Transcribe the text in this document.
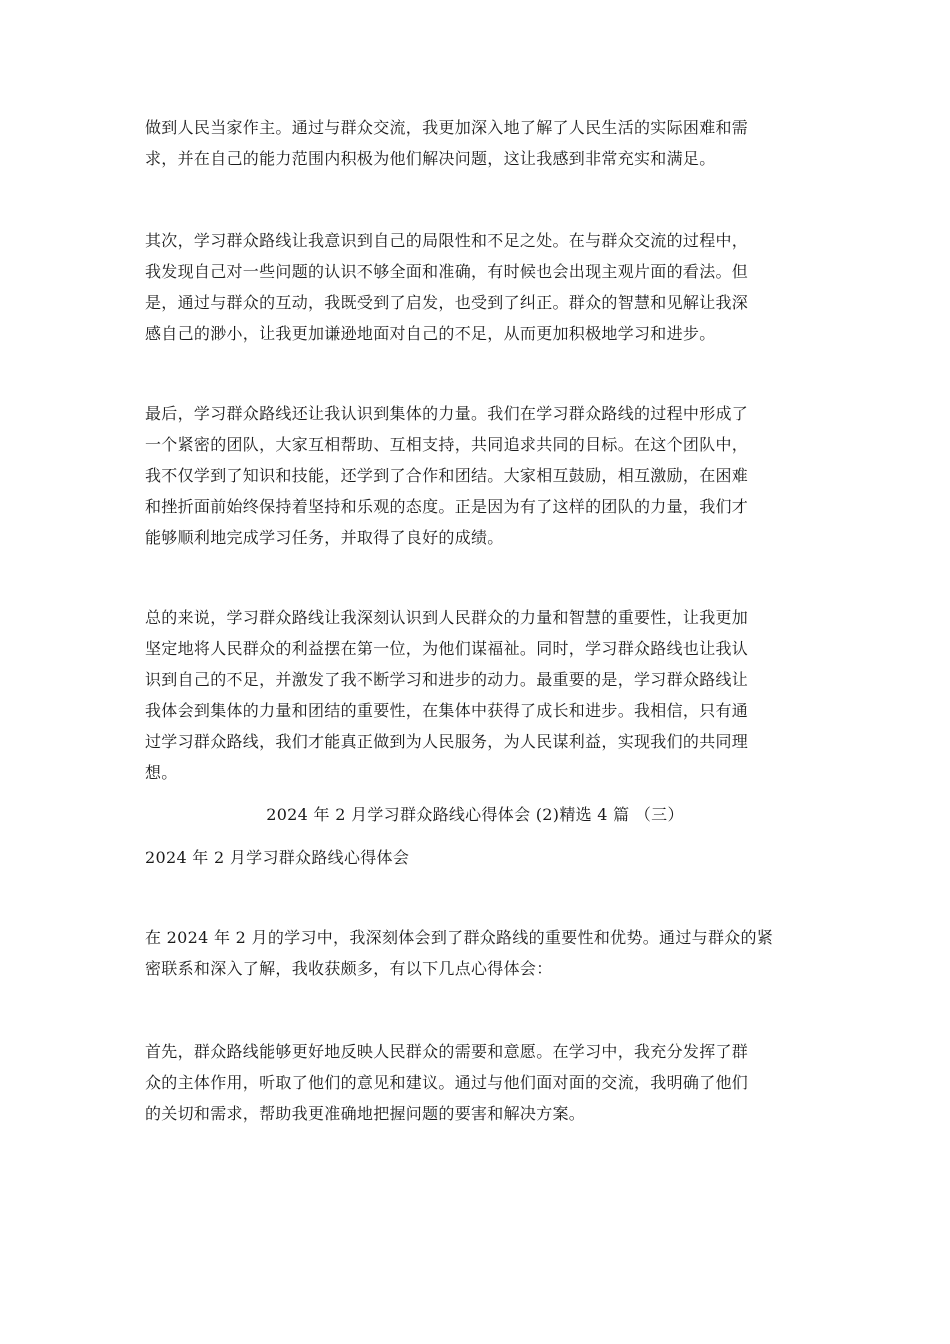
做到人民当家作主。通过与群众交流，我更加深入地了解了人民生活的实际困难和需
求，并在自己的能力范围内积极为他们解决问题，这让我感到非常充实和满足。
其次，学习群众路线让我意识到自己的局限性和不足之处。在与群众交流的过程中，
我发现自己对一些问题的认识不够全面和准确，有时候也会出现主观片面的看法。但
是，通过与群众的互动，我既受到了启发，也受到了纠正。群众的智慧和见解让我深
感自己的渺小，让我更加谦逊地面对自己的不足，从而更加积极地学习和进步。
最后，学习群众路线还让我认识到集体的力量。我们在学习群众路线的过程中形成了
一个紧密的团队，大家互相帮助、互相支持，共同追求共同的目标。在这个团队中，
我不仅学到了知识和技能，还学到了合作和团结。大家相互鼓励，相互激励，在困难
和挫折面前始终保持着坚持和乐观的态度。正是因为有了这样的团队的力量，我们才
能够顺利地完成学习任务，并取得了良好的成绩。
总的来说，学习群众路线让我深刻认识到人民群众的力量和智慧的重要性，让我更加
坚定地将人民群众的利益摆在第一位，为他们谋福祉。同时，学习群众路线也让我认
识到自己的不足，并激发了我不断学习和进步的动力。最重要的是，学习群众路线让
我体会到集体的力量和团结的重要性，在集体中获得了成长和进步。我相信，只有通
过学习群众路线，我们才能真正做到为人民服务，为人民谋利益，实现我们的共同理
想。
2024 年 2 月学习群众路线心得体会 (2)精选 4 篇 （三）
2024 年 2 月学习群众路线心得体会
在 2024 年 2 月的学习中，我深刻体会到了群众路线的重要性和优势。通过与群众的紧
密联系和深入了解，我收获颇多，有以下几点心得体会：
首先，群众路线能够更好地反映人民群众的需要和意愿。在学习中，我充分发挥了群
众的主体作用，听取了他们的意见和建议。通过与他们面对面的交流，我明确了他们
的关切和需求，帮助我更准确地把握问题的要害和解决方案。
